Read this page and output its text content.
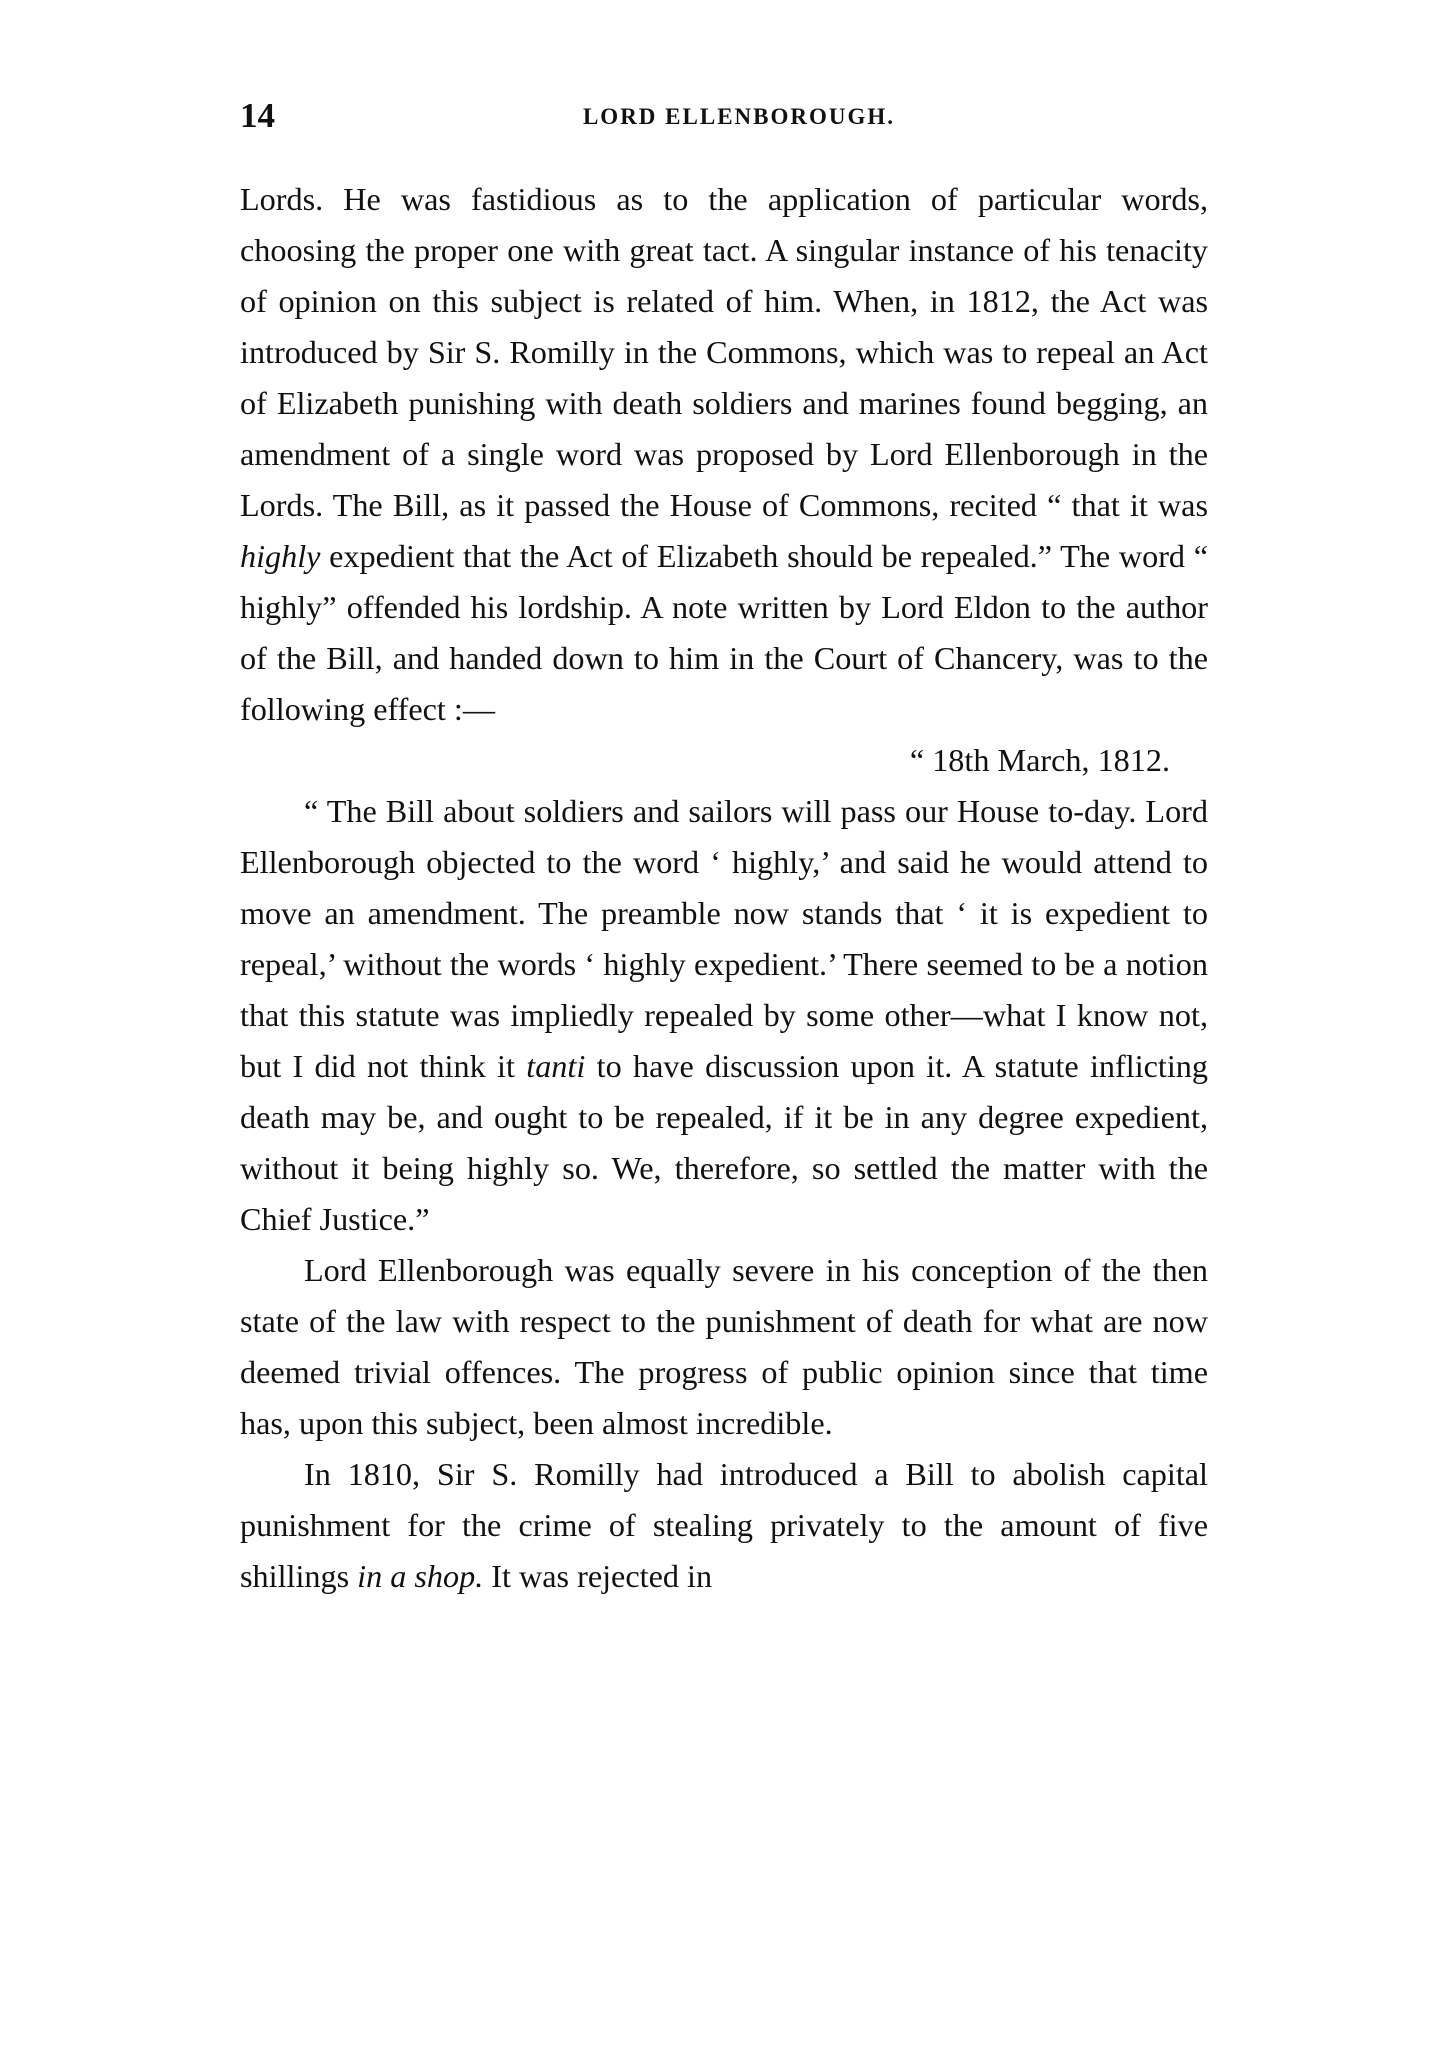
14	LORD ELLENBOROUGH.

Lords. He was fastidious as to the application of particular words, choosing the proper one with great tact. A singular instance of his tenacity of opinion on this subject is related of him. When, in 1812, the Act was introduced by Sir S. Romilly in the Commons, which was to repeal an Act of Elizabeth punishing with death soldiers and marines found begging, an amendment of a single word was proposed by Lord Ellenborough in the Lords. The Bill, as it passed the House of Commons, recited “ that it was highly expedient that the Act of Elizabeth should be repealed.” The word “ highly” offended his lordship. A note written by Lord Eldon to the author of the Bill, and handed down to him in the Court of Chancery, was to the following effect :—

“ 18th March, 1812.

“ The Bill about soldiers and sailors will pass our House to-day. Lord Ellenborough objected to the word ‘ highly,’ and said he would attend to move an amendment. The preamble now stands that ‘ it is expedient to repeal,’ without the words ‘ highly expedient.’ There seemed to be a notion that this statute was impliedly repealed by some other—what I know not, but I did not think it tanti to have discussion upon it. A statute inflicting death may be, and ought to be repealed, if it be in any degree expedient, without it being highly so. We, therefore, so settled the matter with the Chief Justice.”

Lord Ellenborough was equally severe in his conception of the then state of the law with respect to the punishment of death for what are now deemed trivial offences. The progress of public opinion since that time has, upon this subject, been almost incredible.

In 1810, Sir S. Romilly had introduced a Bill to abolish capital punishment for the crime of stealing privately to the amount of five shillings in a shop. It was rejected in
